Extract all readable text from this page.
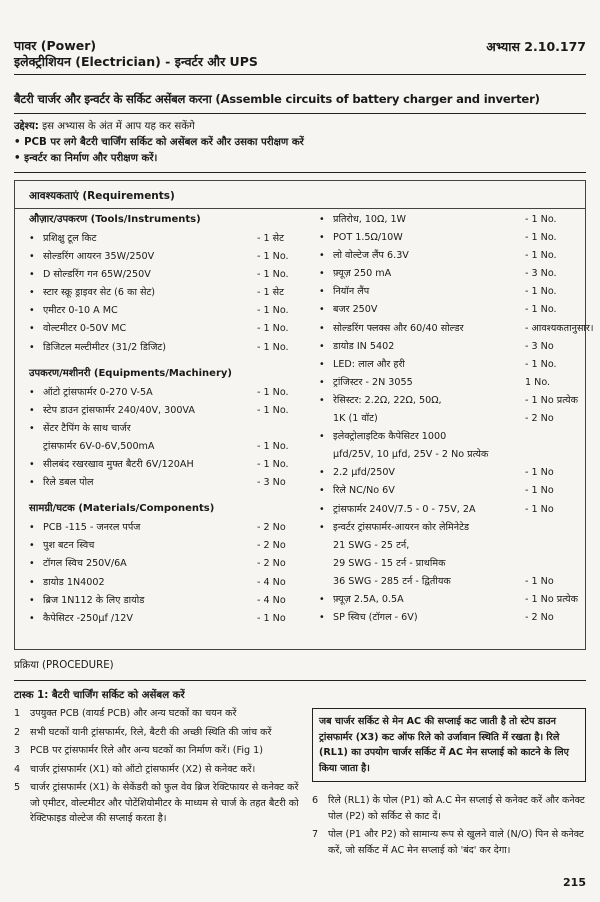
पावर (Power)
इलेक्ट्रीशियन (Electrician) - इन्वर्टर और UPS
अभ्यास 2.10.177
बैटरी चार्जर और इन्वर्टर के सर्किट असेंबल करना (Assemble circuits of battery charger and inverter)
उद्देश्य: इस अभ्यास के अंत में आप यह कर सकेंगे
• PCB पर लगे बैटरी चार्जिंग सर्किट को असेंबल करें और उसका परीक्षण करें
• इन्वर्टर का निर्माण और परीक्षण करें।
आवश्यकताएं (Requirements)
औज़ार/उपकरण (Tools/Instruments)
• प्रशिक्षु टूल किट	- 1 सेट
• सोल्डरिंग आयरन 35W/250V	- 1 No.
• D सोल्डरिंग गन 65W/250V	- 1 No.
• स्टार स्क्रू ड्राइवर सेट (6 का सेट)	- 1 सेट
• एमीटर 0-10 A MC	- 1 No.
• वोल्टमीटर 0-50V MC	- 1 No.
• डिजिटल मल्टीमीटर (31/2 डिजिट)	- 1 No.
उपकरण/मशीनरी (Equipments/Machinery)
• ऑटो ट्रांसफार्मर 0-270 V-5A	- 1 No.
• स्टेप डाउन ट्रांसफार्मर 240/40V, 300VA	- 1 No.
• सेंटर टैपिंग के साथ चार्जर
ट्रांसफार्मर 6V-0-6V,500mA	- 1 No.
• सीलबंद रखरखाव मुफ्त बैटरी 6V/120AH	- 1 No.
• रिले डबल पोल	- 3 No
सामग्री/घटक (Materials/Components)
• PCB -115 - जनरल पर्पज	- 2 No
• पुश बटन स्विच	- 2 No
• टॉगल स्विच 250V/6A	- 2 No
• डायोड 1N4002	- 4 No
• ब्रिज 1N112 के लिए डायोड	- 4 No
• कैपेसिटर -250μf /12V	- 1 No
• प्रतिरोध, 10Ω, 1W	- 1 No.
• POT 1.5Ω/10W	- 1 No.
• लो वोल्टेज लैंप 6.3V	- 1 No.
• फ़्यूज़ 250 mA	- 3 No.
• नियॉन लैंप	- 1 No.
• बजर 250V	- 1 No.
• सोल्डरिंग फ्लक्स और 60/40 सोल्डर	- आवश्यकतानुसार।
• डायोड IN 5402	- 3 No
• LED: लाल और हरी	- 1 No.
• ट्रांजिस्टर - 2N 3055	1 No.
• रेसिस्टर: 2.2Ω, 22Ω, 50Ω,	- 1 No प्रत्येक
1K (1 वॉट)	- 2 No
• इलेक्ट्रोलाइटिक कैपेसिटर 1000
μfd/25V, 10 μfd, 25V - 2 No प्रत्येक
• 2.2 μfd/250V	- 1 No
• रिले NC/No 6V	- 1 No
• ट्रांसफार्मर 240V/7.5 - 0 - 75V, 2A	- 1 No
• इन्वर्टर ट्रांसफार्मर-आयरन कोर लेमिनेटेड
21 SWG - 25 टर्न,
29 SWG - 15 टर्न - प्राथमिक
36 SWG - 285 टर्न - द्वितीयक	- 1 No
• फ़्यूज़ 2.5A, 0.5A	- 1 No प्रत्येक
• SP स्विच (टॉगल - 6V)	- 2 No
प्रक्रिया (PROCEDURE)
टास्क 1: बैटरी चार्जिंग सर्किट को असेंबल करें
1 उपयुक्त PCB (वायर्ड PCB) और अन्य घटकों का चयन करें
2 सभी घटकों यानी ट्रांसफार्मर, रिले, बैटरी की अच्छी स्थिति की जांच करें
3 PCB पर ट्रांसफार्मर रिले और अन्य घटकों का निर्माण करें। (Fig 1)
4 चार्जर ट्रांसफार्मर (X1) को ऑटो ट्रांसफार्मर (X2) से कनेक्ट करें।
5 चार्जर ट्रांसफार्मर (X1) के सेकेंडरी को फुल वेव ब्रिज रेक्टिफायर से कनेक्ट करें जो एमीटर, वोल्टमीटर और पोटेंशियोमीटर के माध्यम से चार्ज के तहत बैटरी को रेक्टिफाइड वोल्टेज की सप्लाई करता है।
जब चार्जर सर्किट से मेन AC की सप्लाई कट जाती है तो स्टेप डाउन ट्रांसफार्मर (X3) कट ऑफ रिले को उर्जावान स्थिति में रखता है। रिले (RL1) का उपयोग चार्जर सर्किट में AC मेन सप्लाई को काटने के लिए किया जाता है।
6 रिले (RL1) के पोल (P1) को A.C मेन सप्लाई से कनेक्ट करें और कनेक्ट पोल (P2) को सर्किट से काट दें।
7 पोल (P1 और P2) को सामान्य रूप से खुलने वाले (N/O) पिन से कनेक्ट करें, जो सर्किट में AC मेन सप्लाई को 'बंद' कर देगा।
215
